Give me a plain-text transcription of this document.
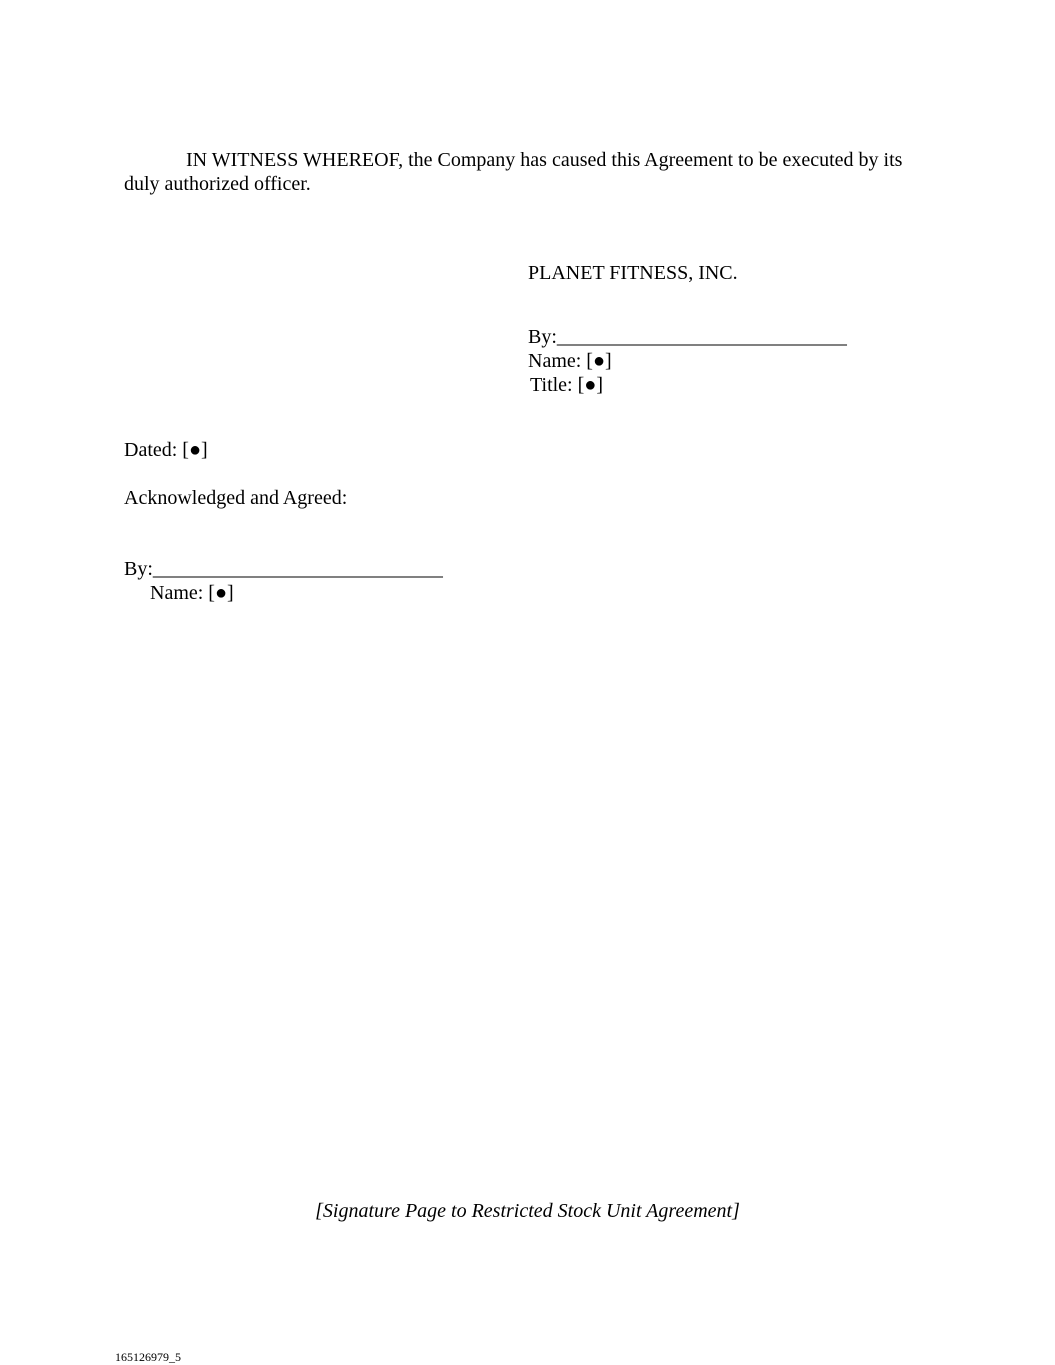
IN WITNESS WHEREOF, the Company has caused this Agreement to be executed by its duly authorized officer.
PLANET FITNESS, INC.
By:_____________________________
Name: [●]
Title: [●]
Dated: [●]
Acknowledged and Agreed:
By:_____________________________
Name: [●]
[Signature Page to Restricted Stock Unit Agreement]
165126979_5
